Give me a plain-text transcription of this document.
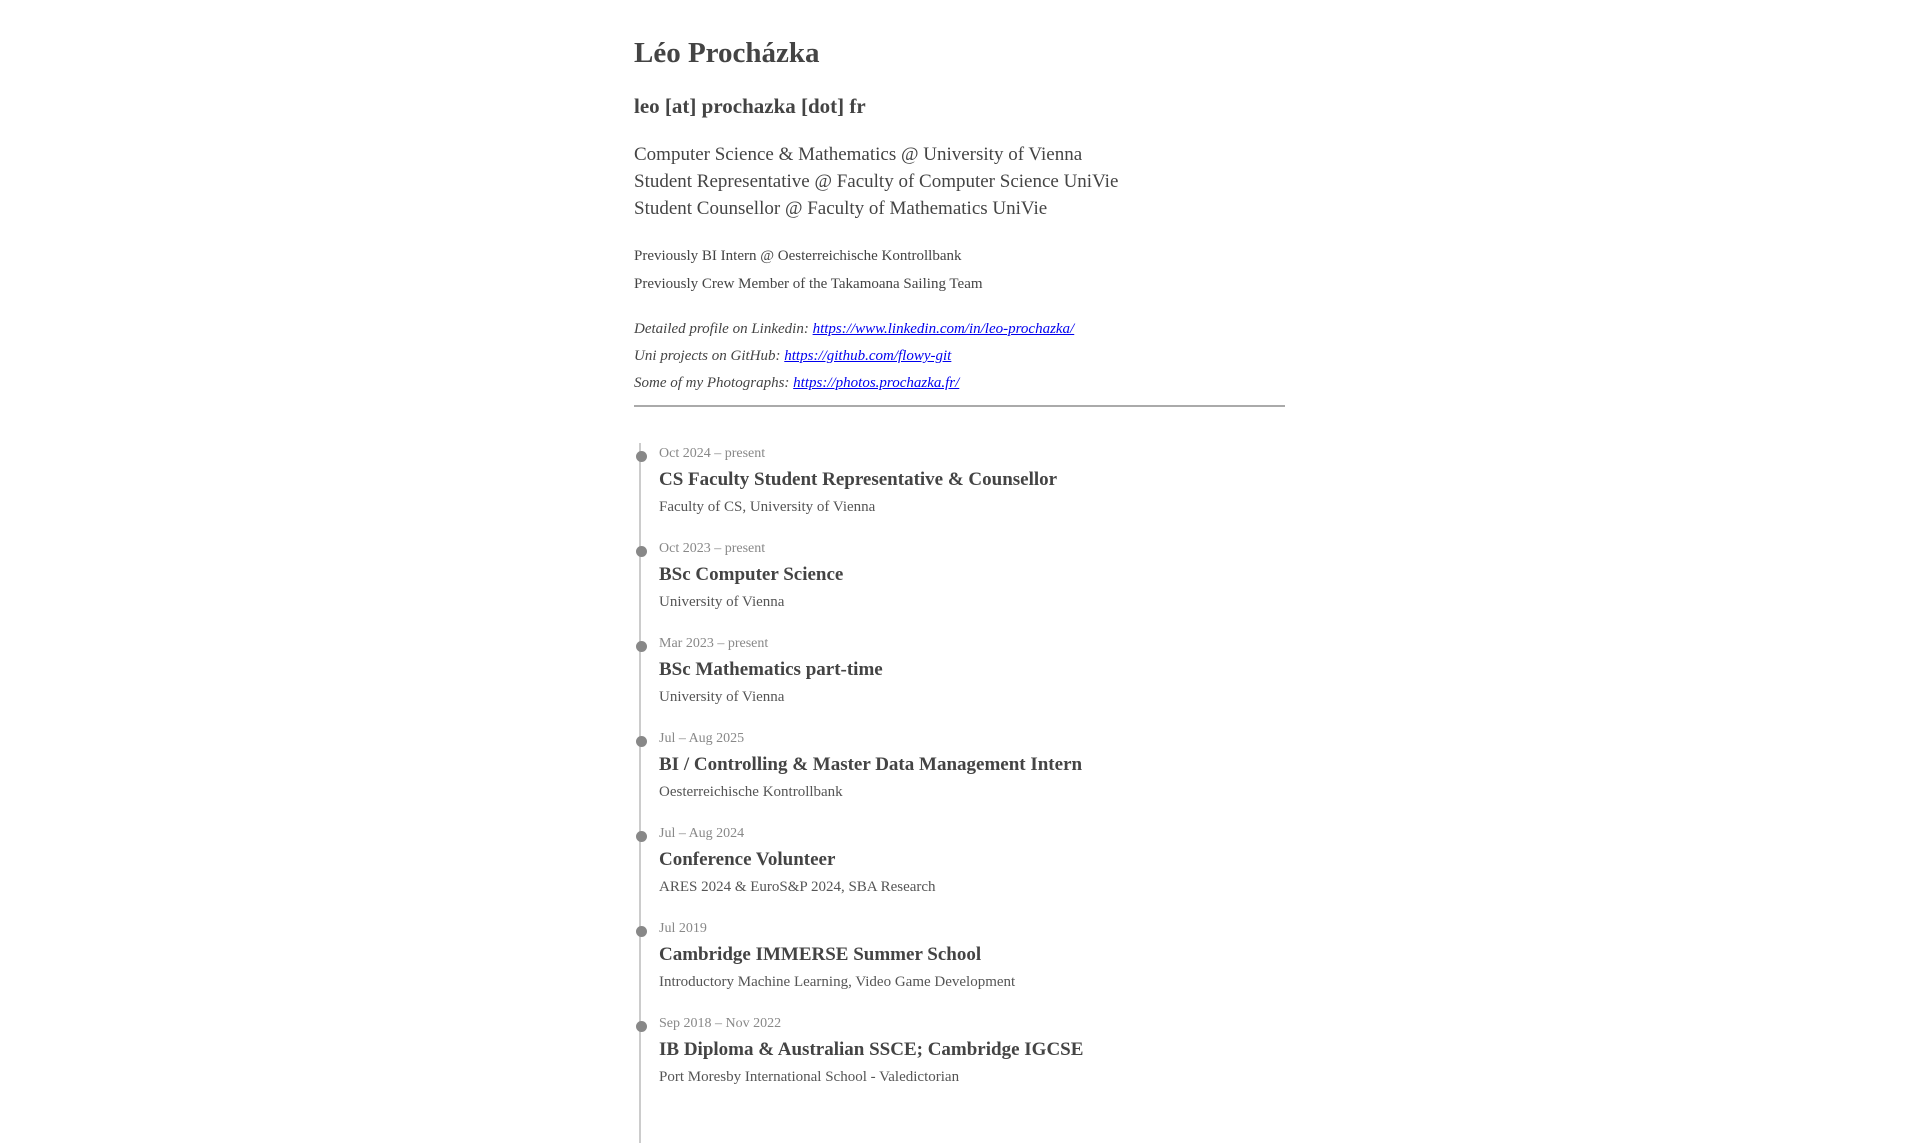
Léo Procházka
leo [at] prochazka [dot] fr
Computer Science & Mathematics @ University of Vienna
Student Representative @ Faculty of Computer Science UniVie
Student Counsellor @ Faculty of Mathematics UniVie
Previously BI Intern @ Oesterreichische Kontrollbank
Previously Crew Member of the Takamoana Sailing Team
Detailed profile on Linkedin: https://www.linkedin.com/in/leo-prochazka/
Uni projects on GitHub: https://github.com/flowy-git
Some of my Photographs: https://photos.prochazka.fr/
Oct 2024 – present
CS Faculty Student Representative & Counsellor
Faculty of CS, University of Vienna
Oct 2023 – present
BSc Computer Science
University of Vienna
Mar 2023 – present
BSc Mathematics part-time
University of Vienna
Jul – Aug 2025
BI / Controlling & Master Data Management Intern
Oesterreichische Kontrollbank
Jul – Aug 2024
Conference Volunteer
ARES 2024 & EuroS&P 2024, SBA Research
Jul 2019
Cambridge IMMERSE Summer School
Introductory Machine Learning, Video Game Development
Sep 2018 – Nov 2022
IB Diploma & Australian SSCE; Cambridge IGCSE
Port Moresby International School - Valedictorian
